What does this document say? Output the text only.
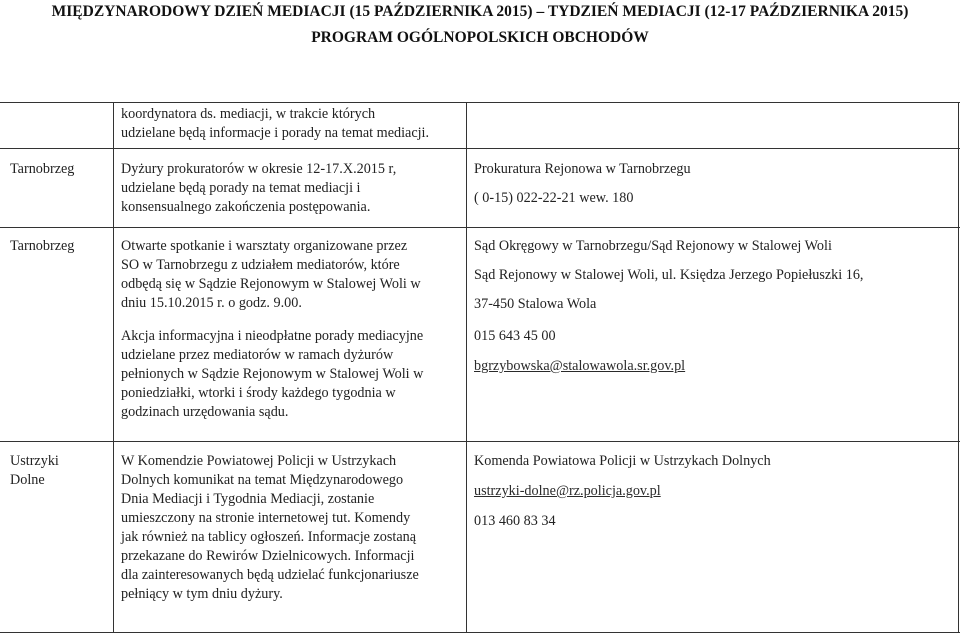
MIĘDZYNARODOWY DZIEŃ MEDIACJI (15 PAŹDZIERNIKA 2015) – TYDZIEŃ MEDIACJI (12-17 PAŹDZIERNIKA 2015)
PROGRAM OGÓLNOPOLSKICH OBCHODÓW
koordynatora ds. mediacji, w trakcie których
udzielane będą informacje i porady na temat mediacji.
Tarnobrzeg	Dyżury prokuratorów w okresie 12-17.X.2015 r,
udzielane będą porady na temat mediacji i
konsensualnego zakończenia postępowania.
Prokuratura Rejonowa w Tarnobrzegu
( 0-15) 022-22-21 wew. 180
Tarnobrzeg	Otwarte spotkanie i warsztaty organizowane przez
SO w Tarnobrzegu z udziałem mediatorów, które
odbędą się w Sądzie Rejonowym w Stalowej Woli w
dniu 15.10.2015 r. o godz. 9.00.
Akcja informacyjna i nieodpłatne porady mediacyjne
udzielane przez mediatorów w ramach dyżurów
pełnionych w Sądzie Rejonowym w Stalowej Woli w
poniedziałki, wtorki i środy każdego tygodnia w
godzinach urzędowania sądu.
Sąd Okręgowy w Tarnobrzegu/Sąd Rejonowy w Stalowej Woli
Sąd Rejonowy w Stalowej Woli, ul. Księdza Jerzego Popiełuszki 16,
37-450 Stalowa Wola
015 643 45 00
bgrzybowska@stalowawola.sr.gov.pl
Ustrzyki
Dolne
W Komendzie Powiatowej Policji w Ustrzykach
Dolnych komunikat na temat Międzynarodowego
Dnia Mediacji i Tygodnia Mediacji, zostanie
umieszczony na stronie internetowej tut. Komendy
jak również na tablicy ogłoszeń. Informacje zostaną
przekazane do Rewirów Dzielnicowych. Informacji
dla zainteresowanych będą udzielać funkcjonariusze
pełniący w tym dniu dyżury.
Komenda Powiatowa Policji w Ustrzykach Dolnych
ustrzyki-dolne@rz.policja.gov.pl
013 460 83 34
